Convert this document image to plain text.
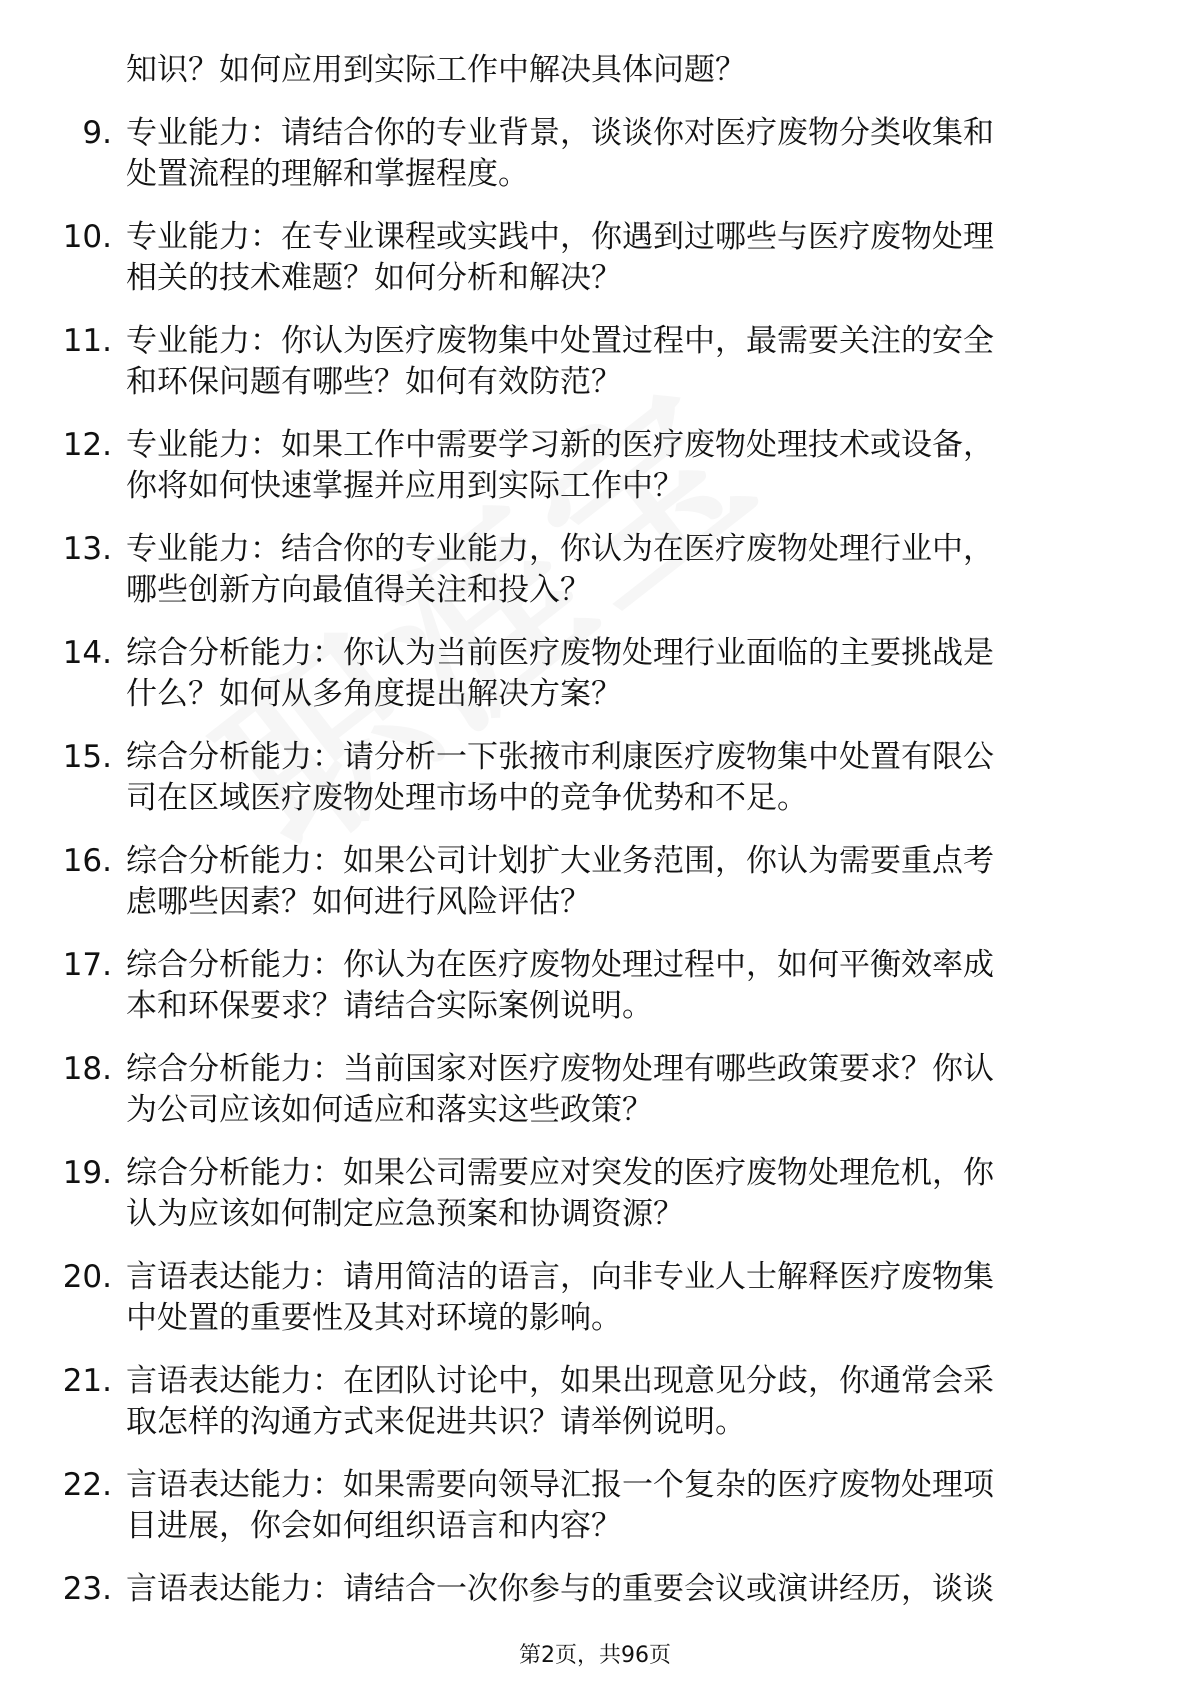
知识？如何应用到实际工作中解决具体问题？
9. 专业能力：请结合你的专业背景，谈谈你对医疗废物分类收集和
处置流程的理解和掌握程度。
10. 专业能力：在专业课程或实践中，你遇到过哪些与医疗废物处理
相关的技术难题？如何分析和解决？
11. 专业能力：你认为医疗废物集中处置过程中，最需要关注的安全
和环保问题有哪些？如何有效防范？
12. 专业能力：如果工作中需要学习新的医疗废物处理技术或设备，
你将如何快速掌握并应用到实际工作中？
13. 专业能力：结合你的专业能力，你认为在医疗废物处理行业中，
哪些创新方向最值得关注和投入？
14. 综合分析能力：你认为当前医疗废物处理行业面临的主要挑战是
什么？如何从多角度提出解决方案？
15. 综合分析能力：请分析一下张掖市利康医疗废物集中处置有限公
司在区域医疗废物处理市场中的竞争优势和不足。
16. 综合分析能力：如果公司计划扩大业务范围，你认为需要重点考
虑哪些因素？如何进行风险评估？
17. 综合分析能力：你认为在医疗废物处理过程中，如何平衡效率成
本和环保要求？请结合实际案例说明。
18. 综合分析能力：当前国家对医疗废物处理有哪些政策要求？你认
为公司应该如何适应和落实这些政策？
19. 综合分析能力：如果公司需要应对突发的医疗废物处理危机，你
认为应该如何制定应急预案和协调资源？
20. 言语表达能力：请用简洁的语言，向非专业人士解释医疗废物集
中处置的重要性及其对环境的影响。
21. 言语表达能力：在团队讨论中，如果出现意见分歧，你通常会采
取怎样的沟通方式来促进共识？请举例说明。
22. 言语表达能力：如果需要向领导汇报一个复杂的医疗废物处理项
目进展，你会如何组织语言和内容？
23. 言语表达能力：请结合一次你参与的重要会议或演讲经历，谈谈
第2页，共96页
